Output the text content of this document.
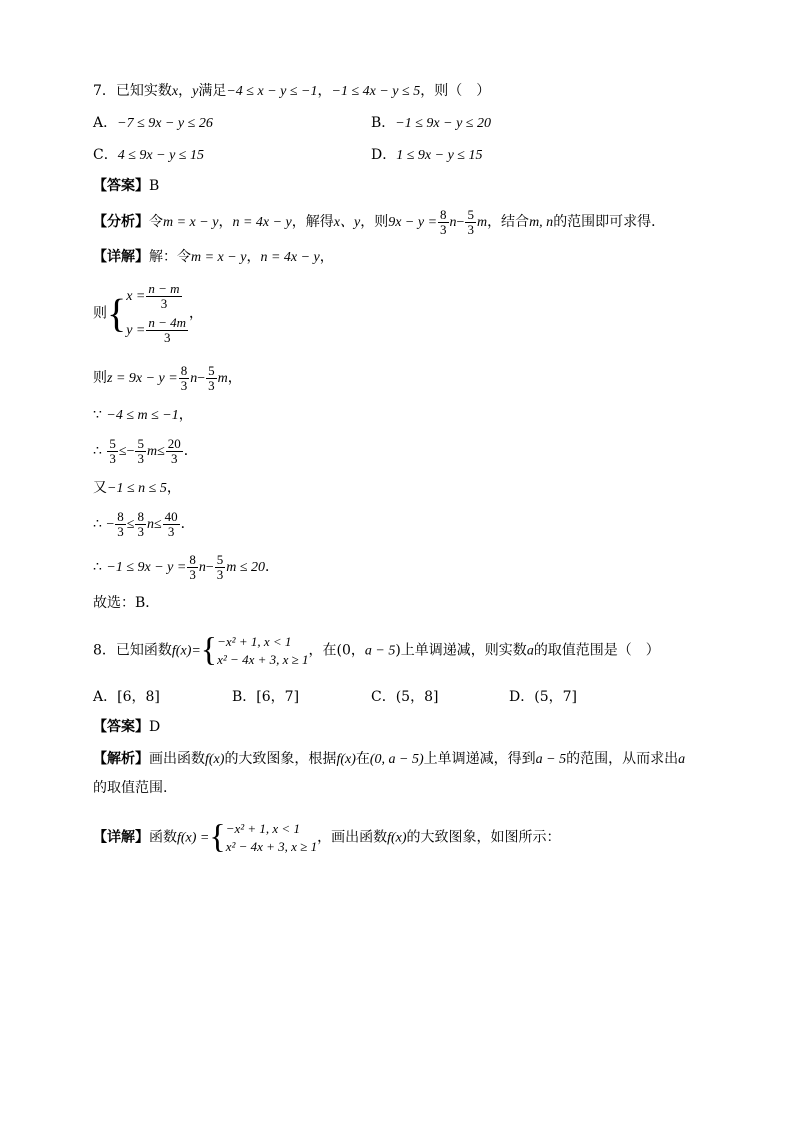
7．已知实数x，y满足−4 ≤ x − y ≤ −1，−1 ≤ 4x − y ≤ 5，则（　）
A．−7 ≤ 9x − y ≤ 26	B．−1 ≤ 9x − y ≤ 20
C．4 ≤ 9x − y ≤ 15	D．1 ≤ 9x − y ≤ 15
【答案】B
【分析】令m = x − y，n = 4x − y，解得x、y，则$9x - y = \frac{8}{3} n- \frac{5}{3}$ m，结合m, n的范围即可求得．
【详解】解：令m = x − y，n = 4x − y，
则{ $x = \frac{n - m}{3}$
$y = \frac{n - 4m}{3}$
，
则$z = 9x - y = \frac{8}{3} n- \frac{5}{3}$ m，
∵ −4 ≤ m ≤ −1，
∴ $\frac{5}{3} \le- \frac{5}{3} m\le \frac{20}{3}$ ．
又−1 ≤ n ≤ 5，
∴ − $\frac{8}{3} \le \frac{8}{3} n\le \frac{40}{3}$ ．
∴ $-1 \le 9x - y = \frac{8}{3} n- \frac{5}{3}$ m ≤ 20．
故选：B．
8．已知函数f(x)={ −x² + 1, x < 1
x² − 4x + 3, x ≥ 1
，在(0，a − 5)上单调递减，则实数a的取值范围是（　）
A．[6，8]	B．[6，7]	C．(5，8]	D．(5，7]
【答案】D
【解析】画出函数f(x)的大致图象，根据f(x)在(0, a − 5)上单调递减，得到a − 5的范围，从而求出a
的取值范围.
【详解】函数f(x) ={ −x² + 1, x < 1
x² − 4x + 3, x ≥ 1
，画出函数f(x)的大致图象，如图所示：
